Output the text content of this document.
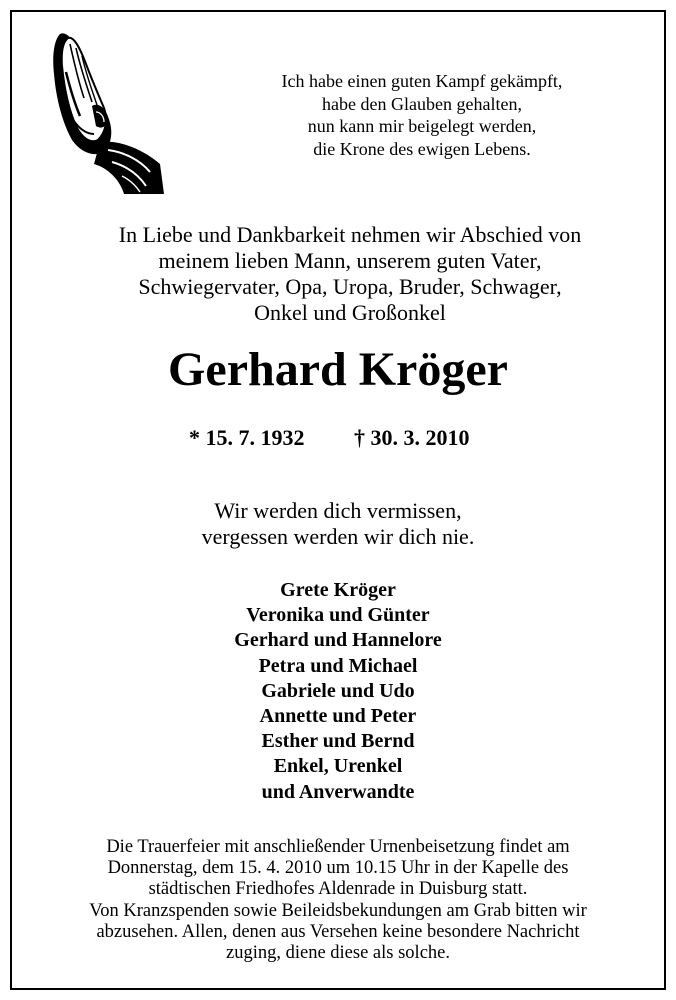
Ich habe einen guten Kampf gekämpft,
habe den Glauben gehalten,
nun kann mir beigelegt werden,
die Krone des ewigen Lebens.
In Liebe und Dankbarkeit nehmen wir Abschied von
meinem lieben Mann, unserem guten Vater,
Schwiegervater, Opa, Uropa, Bruder, Schwager,
Onkel und Großonkel
Gerhard Kröger
* 15. 7. 1932 † 30. 3. 2010
Wir werden dich vermissen,
vergessen werden wir dich nie.
Grete Kröger
Veronika und Günter
Gerhard und Hannelore
Petra und Michael
Gabriele und Udo
Annette und Peter
Esther und Bernd
Enkel, Urenkel
und Anverwandte
Die Trauerfeier mit anschließender Urnenbeisetzung findet am
Donnerstag, dem 15. 4. 2010 um 10.15 Uhr in der Kapelle des
städtischen Friedhofes Aldenrade in Duisburg statt.
Von Kranzspenden sowie Beileidsbekundungen am Grab bitten wir
abzusehen. Allen, denen aus Versehen keine besondere Nachricht
zuging, diene diese als solche.
